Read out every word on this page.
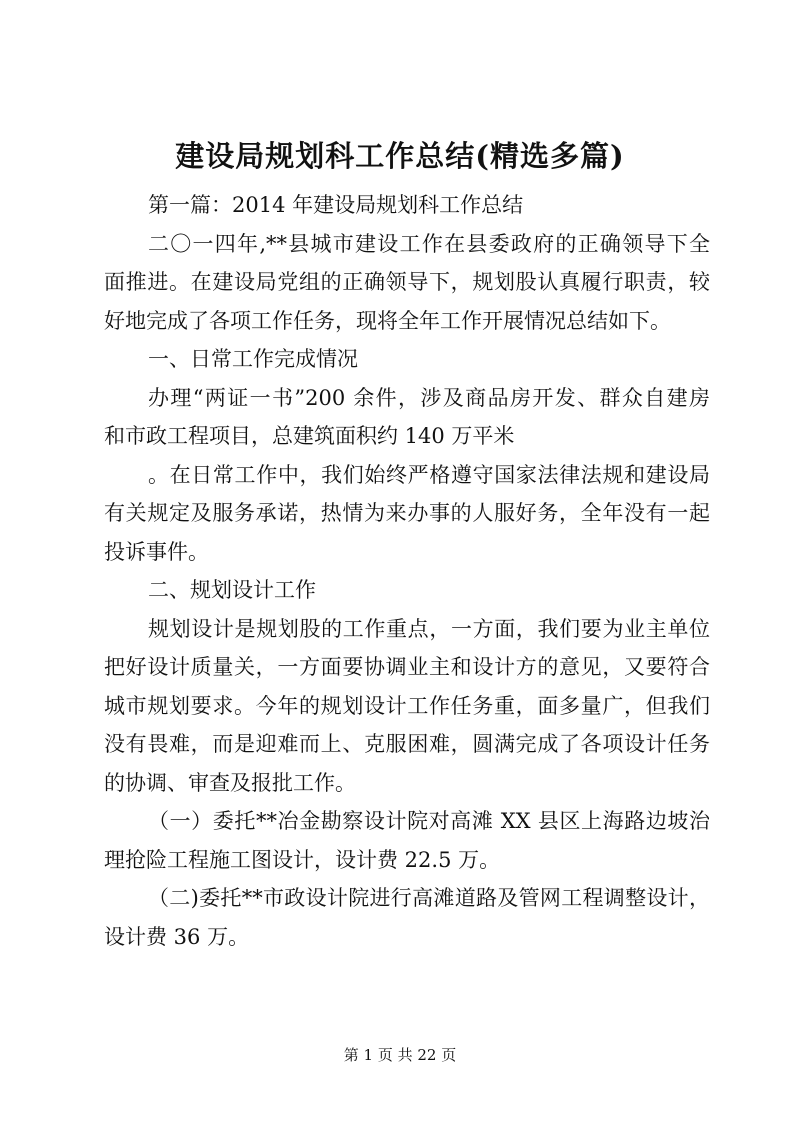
建设局规划科工作总结(精选多篇)
第一篇：2014 年建设局规划科工作总结
二〇一四年,**县城市建设工作在县委政府的正确领导下全
面推进。在建设局党组的正确领导下，规划股认真履行职责，较
好地完成了各项工作任务，现将全年工作开展情况总结如下。
一、日常工作完成情况
办理“两证一书”200 余件，涉及商品房开发、群众自建房
和市政工程项目，总建筑面积约 140 万平米
。在日常工作中，我们始终严格遵守国家法律法规和建设局
有关规定及服务承诺，热情为来办事的人服好务，全年没有一起
投诉事件。
二、规划设计工作
规划设计是规划股的工作重点，一方面，我们要为业主单位
把好设计质量关，一方面要协调业主和设计方的意见，又要符合
城市规划要求。今年的规划设计工作任务重，面多量广，但我们
没有畏难，而是迎难而上、克服困难，圆满完成了各项设计任务
的协调、审查及报批工作。
（一）委托**冶金勘察设计院对高滩 XX 县区上海路边坡治
理抢险工程施工图设计，设计费 22.5 万。
（二)委托**市政设计院进行高滩道路及管网工程调整设计，
设计费 36 万。
第 1 页 共 22 页
